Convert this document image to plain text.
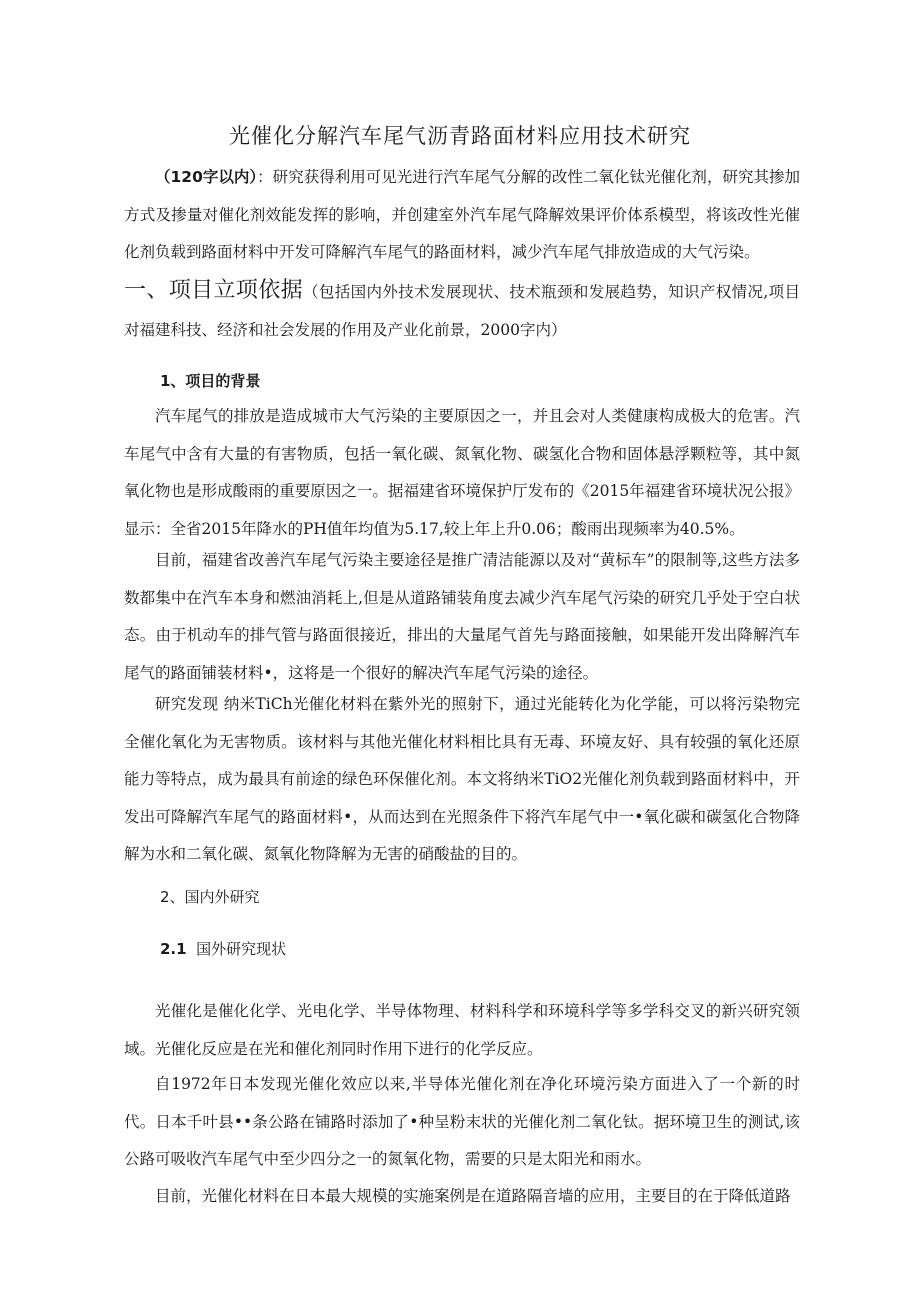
光催化分解汽车尾气沥青路面材料应用技术研究

（120字以内）：研究获得利用可见光进行汽车尾气分解的改性二氧化钛光催化剂，研究其掺加方式及掺量对催化剂效能发挥的影响，并创建室外汽车尾气降解效果评价体系模型，将该改性光催化剂负载到路面材料中开发可降解汽车尾气的路面材料，减少汽车尾气排放造成的大气污染。

一、项目立项依据（包括国内外技术发展现状、技术瓶颈和发展趋势，知识产权情况,项目对福建科技、经济和社会发展的作用及产业化前景，2000字内）

1、项目的背景

汽车尾气的排放是造成城市大气污染的主要原因之一，并且会对人类健康构成极大的危害。汽车尾气中含有大量的有害物质，包括一氧化碳、氮氧化物、碳氢化合物和固体悬浮颗粒等，其中氮氧化物也是形成酸雨的重要原因之一。据福建省环境保护厅发布的《2015年福建省环境状况公报》显示：全省2015年降水的PH值年均值为5.17,较上年上升0.06；酸雨出现频率为40.5%。

目前，福建省改善汽车尾气污染主要途径是推广清洁能源以及对“黄标车”的限制等,这些方法多数都集中在汽车本身和燃油消耗上,但是从道路铺装角度去减少汽车尾气污染的研究几乎处于空白状态。由于机动车的排气管与路面很接近，排出的大量尾气首先与路面接触，如果能开发出降解汽车尾气的路面铺装材料•，这将是一个很好的解决汽车尾气污染的途径。

研究发现 纳米TiCh光催化材料在紫外光的照射下，通过光能转化为化学能，可以将污染物完全催化氧化为无害物质。该材料与其他光催化材料相比具有无毒、环境友好、具有较强的氧化还原能力等特点，成为最具有前途的绿色环保催化剂。本文将纳米TiO2光催化剂负载到路面材料中，开发出可降解汽车尾气的路面材料•，从而达到在光照条件下将汽车尾气中一•氧化碳和碳氢化合物降解为水和二氧化碳、氮氧化物降解为无害的硝酸盐的目的。

2、国内外研究

2.1 国外研究现状

光催化是催化化学、光电化学、半导体物理、材料科学和环境科学等多学科交叉的新兴研究领域。光催化反应是在光和催化剂同时作用下进行的化学反应。

自1972年日本发现光催化效应以来,半导体光催化剂在净化环境污染方面进入了一个新的时代。日本千叶县••条公路在铺路时添加了•种呈粉末状的光催化剂二氧化钛。据环境卫生的测试,该公路可吸收汽车尾气中至少四分之一的氮氧化物，需要的只是太阳光和雨水。

目前，光催化材料在日本最大规模的实施案例是在道路隔音墙的应用，主要目的在于降低道路
